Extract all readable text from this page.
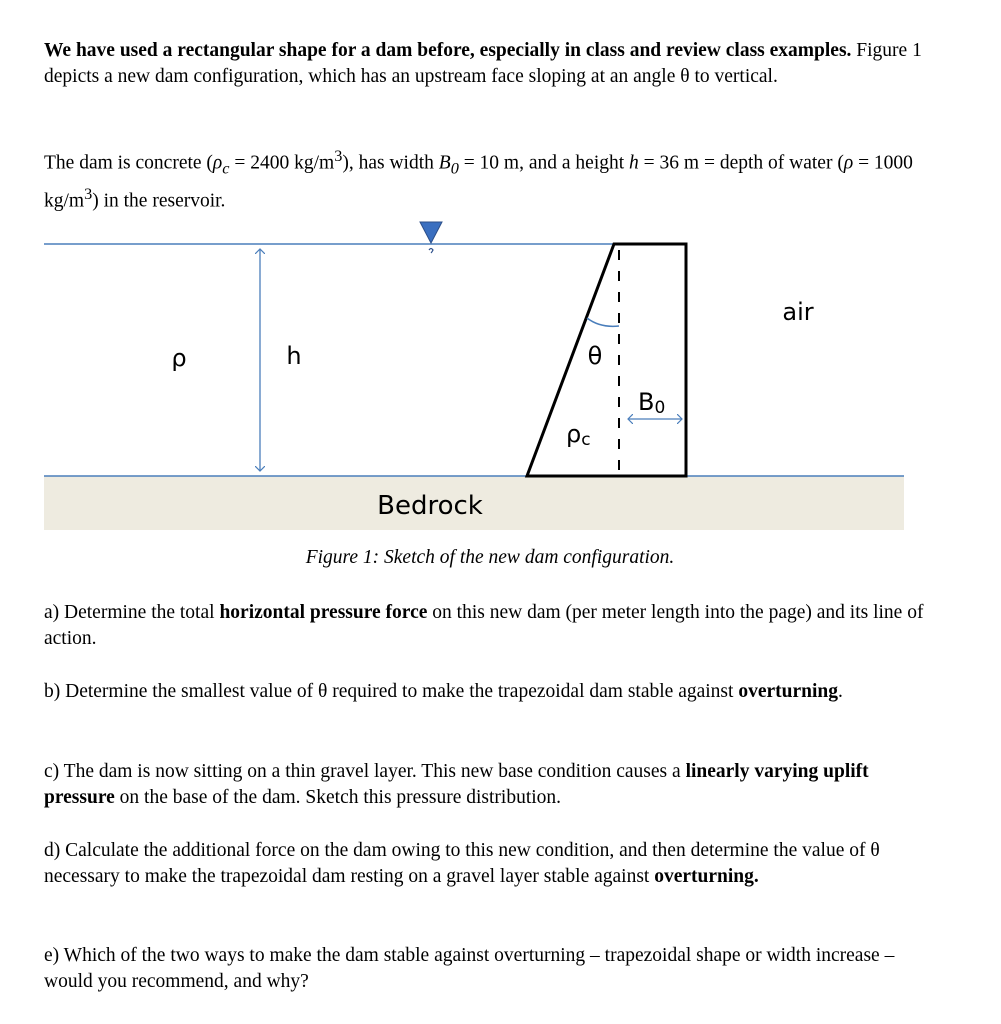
We have used a rectangular shape for a dam before, especially in class and review class examples. Figure 1 depicts a new dam configuration, which has an upstream face sloping at an angle θ to vertical.

The dam is concrete ($\rho_c = 2400$ $kg/m^3$), has width $B_0 = 10$ m, and a height h = 36 m = depth of water (ρ = 1000 $kg/m^3$) in the reservoir.

ρ	h	θ
ρc
B0
air
Bedrock
Figure 1: Sketch of the new dam configuration.

a) Determine the total horizontal pressure force on this new dam (per meter length into the page) and its line of action.

b) Determine the smallest value of θ required to make the trapezoidal dam stable against overturning.

c) The dam is now sitting on a thin gravel layer. This new base condition causes a linearly varying uplift pressure on the base of the dam. Sketch this pressure distribution.

d) Calculate the additional force on the dam owing to this new condition, and then determine the value of θ necessary to make the trapezoidal dam resting on a gravel layer stable against overturning.

e) Which of the two ways to make the dam stable against overturning – trapezoidal shape or width increase – would you recommend, and why?
